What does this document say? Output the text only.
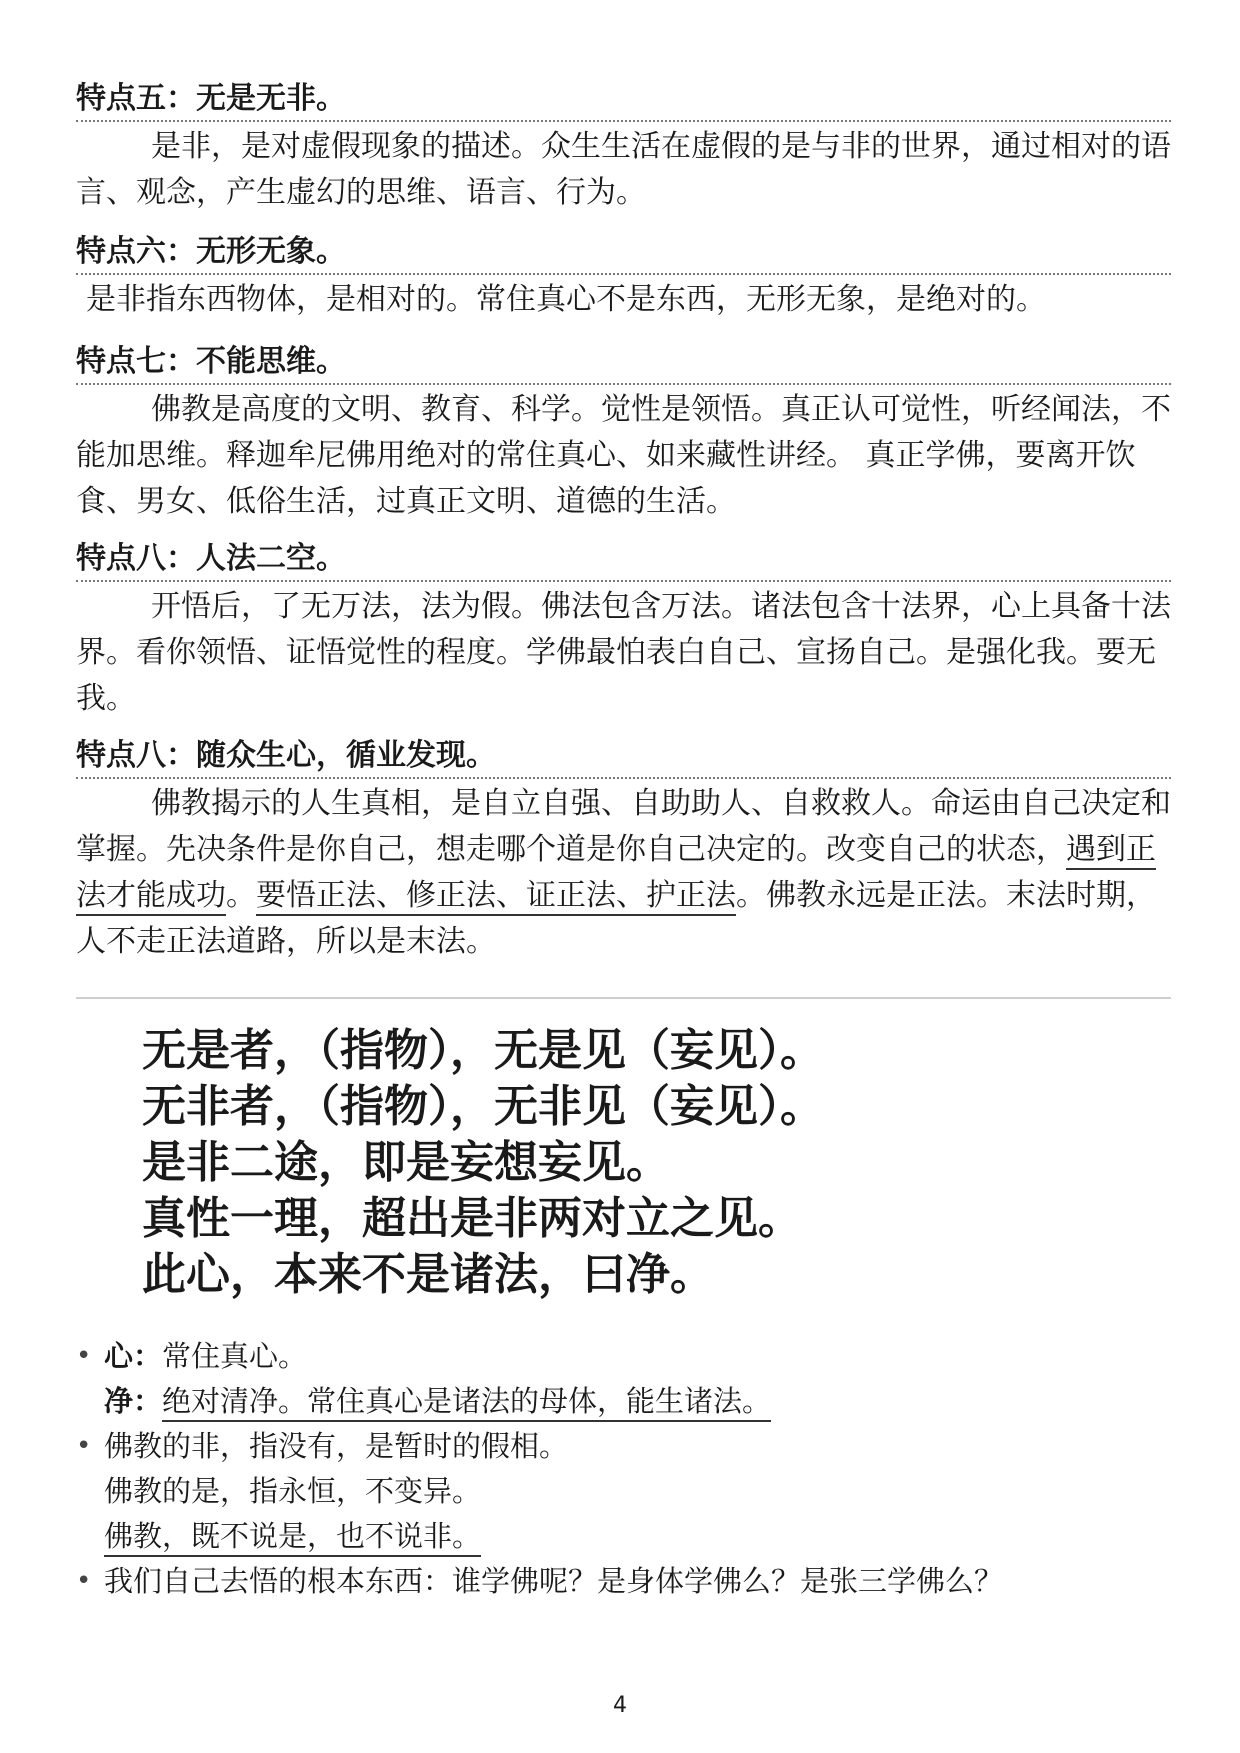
特点五：无是无非。
是非，是对虚假现象的描述。众生生活在虚假的是与非的世界，通过相对的语言、观念，产生虚幻的思维、语言、行为。
特点六：无形无象。
是非指东西物体，是相对的。常住真心不是东西，无形无象，是绝对的。
特点七：不能思维。
佛教是高度的文明、教育、科学。觉性是领悟。真正认可觉性，听经闻法，不能加思维。释迦牟尼佛用绝对的常住真心、如来藏性讲经。 真正学佛，要离开饮食、男女、低俗生活，过真正文明、道德的生活。
特点八：人法二空。
开悟后，了无万法，法为假。佛法包含万法。诸法包含十法界，心上具备十法界。看你领悟、证悟觉性的程度。学佛最怕表白自己、宣扬自己。是强化我。要无我。
特点八：随众生心，循业发现。
佛教揭示的人生真相，是自立自强、自助助人、自救救人。命运由自己决定和掌握。先决条件是你自己，想走哪个道是你自己决定的。改变自己的状态，遇到正法才能成功。要悟正法、修正法、证正法、护正法。佛教永远是正法。末法时期，人不走正法道路，所以是末法。
无是者，（指物），无是见（妄见）。
无非者，（指物），无非见（妄见）。
是非二途，即是妄想妄见。
真性一理，超出是非两对立之见。
此心，本来不是诸法，曰净。
• 心：常住真心。
净：绝对清净。常住真心是诸法的母体，能生诸法。
• 佛教的非，指没有，是暂时的假相。
佛教的是，指永恒，不变异。
佛教，既不说是，也不说非。
• 我们自己去悟的根本东西：谁学佛呢？是身体学佛么？是张三学佛么？
4
